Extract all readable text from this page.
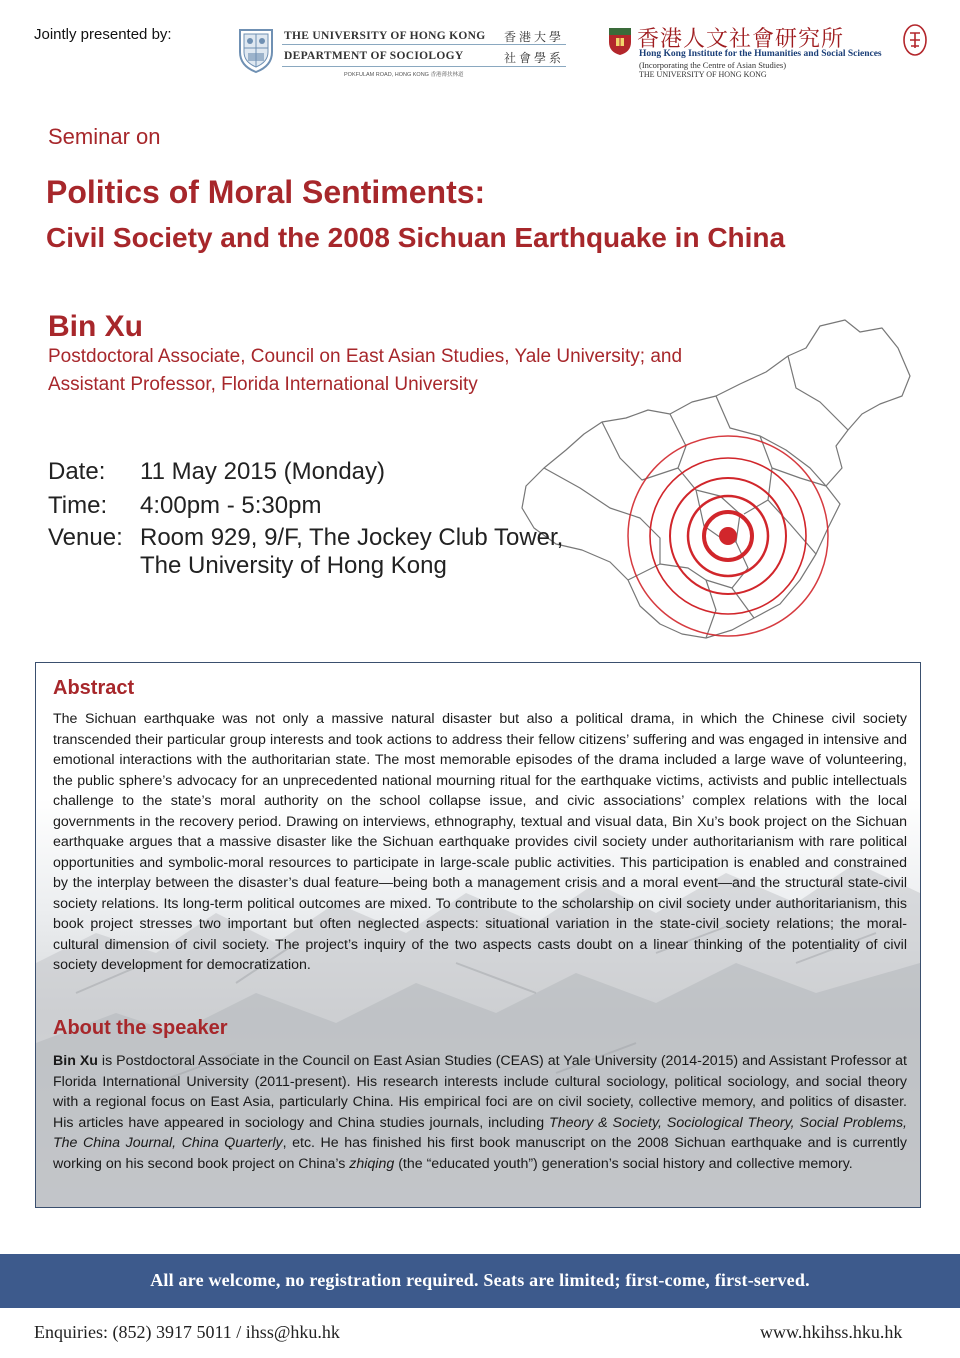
Jointly presented by:	THE UNIVERSITY OF HONG KONG
DEPARTMENT OF SOCIOLOGY
香港大學
社會學系
POKFULAM ROAD, HONG KONG 香港薄扶林道
香港人文社會研究所
Hong Kong Institute for the Humanities and Social Sciences
(Incorporating the Centre of Asian Studies)
THE UNIVERSITY OF HONG KONG
Seminar on
Politics of Moral Sentiments:
Civil Society and the 2008 Sichuan Earthquake in China
Bin Xu
Postdoctoral Associate, Council on East Asian Studies, Yale University; and
Assistant Professor, Florida International University
Date: 11 May 2015 (Monday)
Time: 4:00pm - 5:30pm
Venue: Room 929, 9/F, The Jockey Club Tower,
The University of Hong Kong
Abstract
The Sichuan earthquake was not only a massive natural disaster but also a political drama, in which the Chinese civil society transcended their particular group interests and took actions to address their fellow citizens’ suffering and was engaged in intensive and emotional interactions with the authoritarian state. The most memorable episodes of the drama included a large wave of volunteering, the public sphere’s advocacy for an unprecedented national mourning ritual for the earthquake victims, activists and public intellectuals challenge to the state’s moral authority on the school collapse issue, and civic associations’ complex relations with the local governments in the recovery period. Drawing on interviews, ethnography, textual and visual data, Bin Xu’s book project on the Sichuan earthquake argues that a massive disaster like the Sichuan earthquake provides civil society under authoritarianism with rare political opportunities and symbolic-moral resources to participate in large-scale public activities. This participation is enabled and constrained by the interplay between the disaster’s dual feature—being both a management crisis and a moral event—and the structural state-civil society relations. Its long-term political outcomes are mixed. To contribute to the scholarship on civil society under authoritarianism, this book project stresses two important but often neglected aspects: situational variation in the state-civil society relations; the moral-cultural dimension of civil society. The project’s inquiry of the two aspects casts doubt on a linear thinking of the potentiality of civil society development for democratization.
About the speaker
Bin Xu is Postdoctoral Associate in the Council on East Asian Studies (CEAS) at Yale University (2014-2015) and Assistant Professor at Florida International University (2011-present). His research interests include cultural sociology, political sociology, and social theory with a regional focus on East Asia, particularly China. His empirical foci are on civil society, collective memory, and politics of disaster. His articles have appeared in sociology and China studies journals, including Theory & Society, Sociological Theory, Social Problems, The China Journal, China Quarterly, etc. He has finished his first book manuscript on the 2008 Sichuan earthquake and is currently working on his second book project on China’s zhiqing (the “educated youth”) generation’s social history and collective memory.
All are welcome, no registration required. Seats are limited; first-come, first-served.
Enquiries: (852) 3917 5011 / ihss@hku.hk	www.hkihss.hku.hk
